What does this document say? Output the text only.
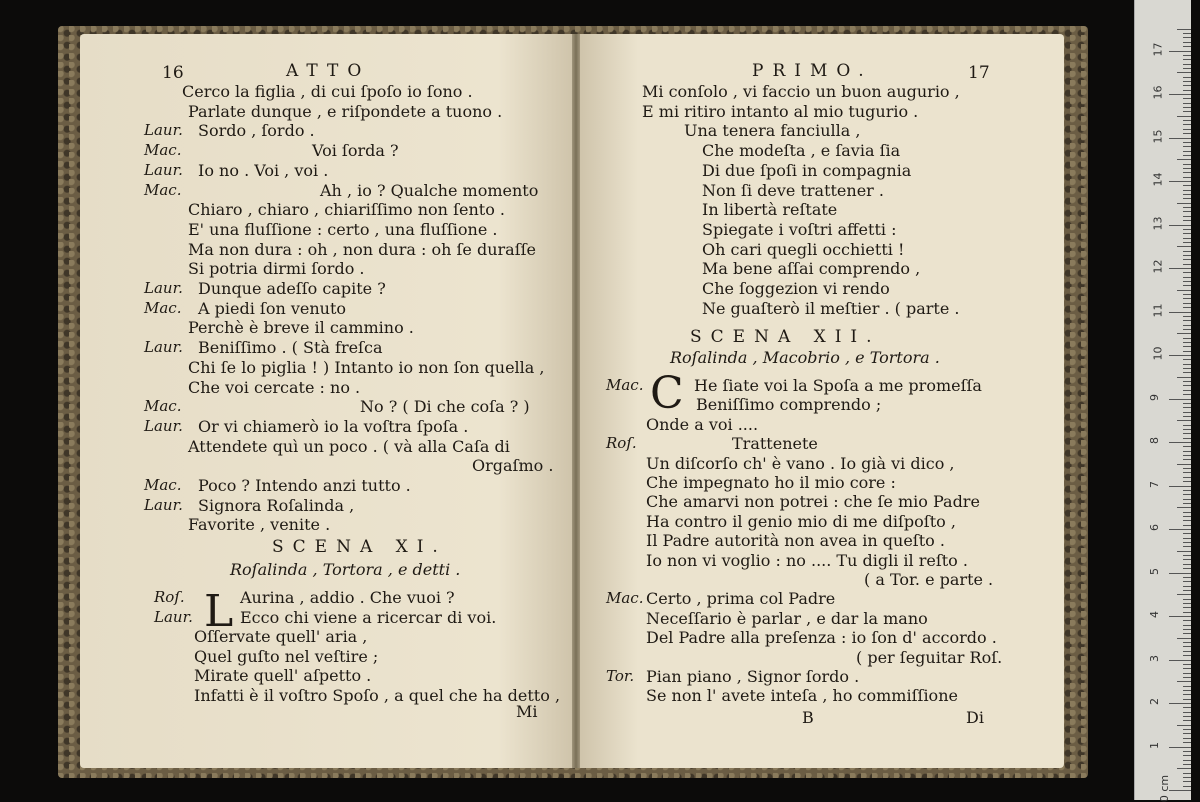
16	ATTO
Cerco la figlia , di cui ſpoſo io ſono .
Parlate dunque , e riſpondete a tuono .
Laur. Sordo , ſordo .
Mac.	Voi ſorda ?
Laur. Io no . Voi , voi .
Mac.	Ah , io ? Qualche momento
Chiaro , chiaro , chiariſſimo non ſento .
E' una fluſſione : certo , una fluſſione .
Ma non dura : oh , non dura : oh ſe duraſſe
Si potria dirmi ſordo .
Laur. Dunque adeſſo capite ?
Mac. A piedi ſon venuto
Perchè è breve il cammino .
Laur. Beniſſimo . ( Stà freſca
Chi ſe lo piglia ! ) Intanto io non ſon quella ,
Che voi cercate : no .
Mac.	No ? ( Di che coſa ? )
Laur. Or vi chiamerò io la voſtra ſpoſa .
Attendete quì un poco . ( và alla Caſa di
Orgaſmo .
Mac. Poco ? Intendo anzi tutto .
Laur. Signora Roſalinda ,
Favorite , venite .
SCENA XI.
Roſalinda , Tortora , e detti .
L
Roſ.	Aurina , addio . Che vuoi ?
Laur.	Ecco chi viene a ricercar di voi.
Oſſervate quell' aria ,
Quel guſto nel veſtire ;
Mirate quell' aſpetto .
Infatti è il voſtro Spoſo , a quel che ha detto ,
Mi
PRIMO.	17
Mi conſolo , vi faccio un buon augurio ,
E mi ritiro intanto al mio tugurio .
Una tenera fanciulla ,
Che modeſta , e ſavia ſia
Di due ſpoſi in compagnia
Non ſi deve trattener .
In libertà reſtate
Spiegate i voſtri affetti :
Oh cari quegli occhietti !
Ma bene aſſai comprendo ,
Che ſoggezion vi rendo
Ne guaſterò il meſtier . ( parte .
SCENA XII.
Roſalinda , Macobrio , e Tortora .
C
Mac.	He ſiate voi la Spoſa a me promeſſa
Beniſſimo comprendo ;
Onde a voi ....
Roſ.	Trattenete
Un diſcorſo ch' è vano . Io già vi dico ,
Che impegnato ho il mio core :
Che amarvi non potrei : che ſe mio Padre
Ha contro il genio mio di me diſpoſto ,
Il Padre autorità non avea in queſto .
Io non vi voglio : no .... Tu digli il reſto .
( a Tor. e parte .
Mac. Certo , prima col Padre
Neceſſario è parlar , e dar la mano
Del Padre alla preſenza : io ſon d' accordo .
( per ſeguitar Roſ.
Tor. Pian piano , Signor ſordo .
Se non l' avete inteſa , ho commiſſione
B	Di
0 cm
1
2
3
4
5
6
7
8
9
10
11
12
13
14
15
16
17
